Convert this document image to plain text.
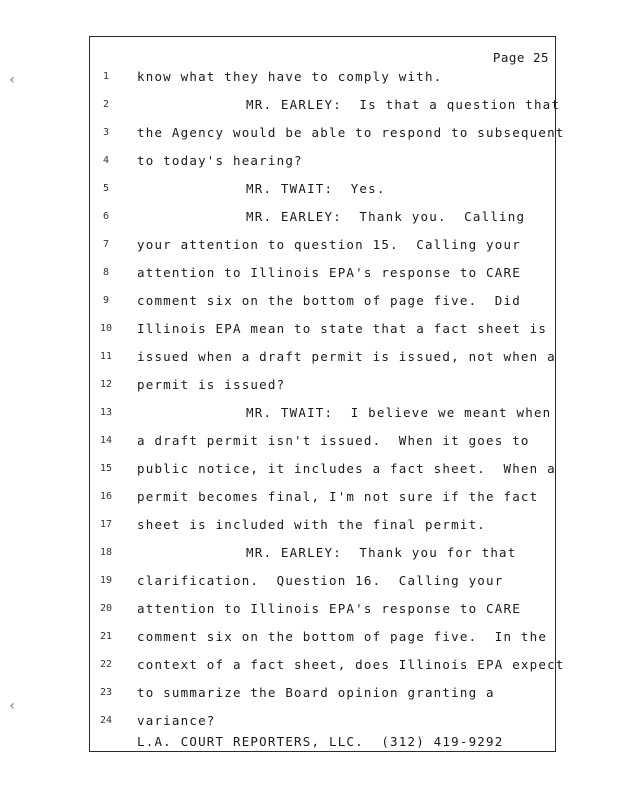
‹
‹
Page 25
1	know what they have to comply with.
2	MR. EARLEY:  Is that a question that
3	the Agency would be able to respond to subsequent
4	to today's hearing?
5	MR. TWAIT:  Yes.
6	MR. EARLEY:  Thank you.  Calling
7	your attention to question 15.  Calling your
8	attention to Illinois EPA's response to CARE
9	comment six on the bottom of page five.  Did
10	Illinois EPA mean to state that a fact sheet is
11	issued when a draft permit is issued, not when a
12	permit is issued?
13	MR. TWAIT:  I believe we meant when
14	a draft permit isn't issued.  When it goes to
15	public notice, it includes a fact sheet.  When a
16	permit becomes final, I'm not sure if the fact
17	sheet is included with the final permit.
18	MR. EARLEY:  Thank you for that
19	clarification.  Question 16.  Calling your
20	attention to Illinois EPA's response to CARE
21	comment six on the bottom of page five.  In the
22	context of a fact sheet, does Illinois EPA expect
23	to summarize the Board opinion granting a
24	variance?
L.A. COURT REPORTERS, LLC.  (312) 419-9292
